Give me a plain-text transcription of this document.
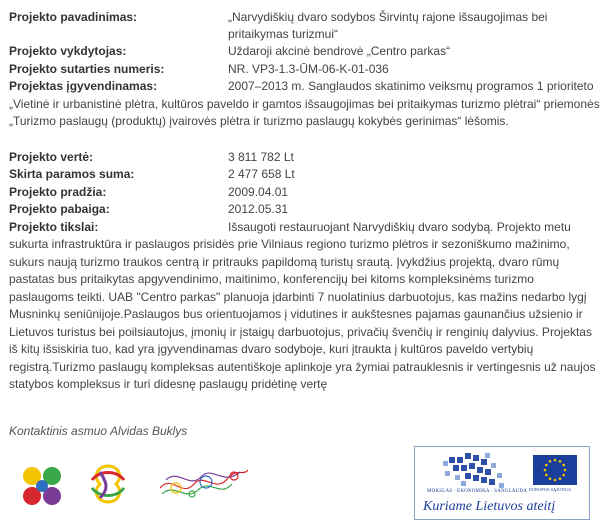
Projekto pavadinimas:	„Narvydiškių dvaro sodybos Širvintų rajone išsaugojimas bei pritaikymas turizmui“
Projekto vykdytojas:	Uždaroji akcinė bendrovė „Centro parkas“
Projekto sutarties numeris:	NR. VP3-1.3-ŪM-06-K-01-036
Projektas įgyvendinamas:	2007–2013 m. Sanglaudos skatinimo veiksmų programos 1 prioriteto
„Vietinė ir urbanistinė plėtra, kultūros paveldo ir gamtos išsaugojimas bei pritaikymas turizmo plėtrai“ priemonės „Turizmo paslaugų (produktų) įvairovės plėtra ir turizmo paslaugų kokybės gerinimas“ lėšomis.
Projekto vertė:	3 811 782 Lt
Skirta paramos suma:	2 477 658 Lt
Projekto pradžia:	2009.04.01
Projekto pabaiga:	2012.05.31
Projekto tikslai:	Išsaugoti restauruojant Narvydiškių dvaro sodybą. Projekto metu sukurta infrastruktūra ir paslaugos prisidės prie Vilniaus regiono turizmo plėtros ir sezoniškumo mažinimo, sukurs naują turizmo traukos centrą ir pritrauks papildomą turistų srautą. Įvykdžius projektą, dvaro rūmų pastatas bus pritaikytas apgyvendinimo, maitinimo, konferencijų bei kitoms kompleksinėms turizmo paslaugoms teikti. UAB "Centro parkas" planuoja įdarbinti 7 nuolatinius darbuotojus, kas mažins nedarbo lygį Musninkų seniūnijoje.Paslaugos bus orientuojamos į vidutines ir aukštesnes pajamas gaunančius užsienio ir Lietuvos turistus bei poilsiautojus, įmonių ir įstaigų darbuotojus, privačių švenčių ir renginių dalyvius. Projektas iš kitų išsiskiria tuo, kad yra įgyvendinamas dvaro sodyboje, kuri įtraukta į kultūros paveldo vertybių registrą.Turizmo paslaugų kompleksas autentiškoje aplinkoje yra žymiai patrauklesnis ir vertingesnis už naujos statybos kompleksus ir turi didesnę paslaugų pridėtinę vertę
Kontaktinis asmuo Alvidas Buklys
MOKSLAS · EKONOMIKA · SANGLAUDA EUROPOS SĄJUNGA
Kuriame Lietuvos ateitį
